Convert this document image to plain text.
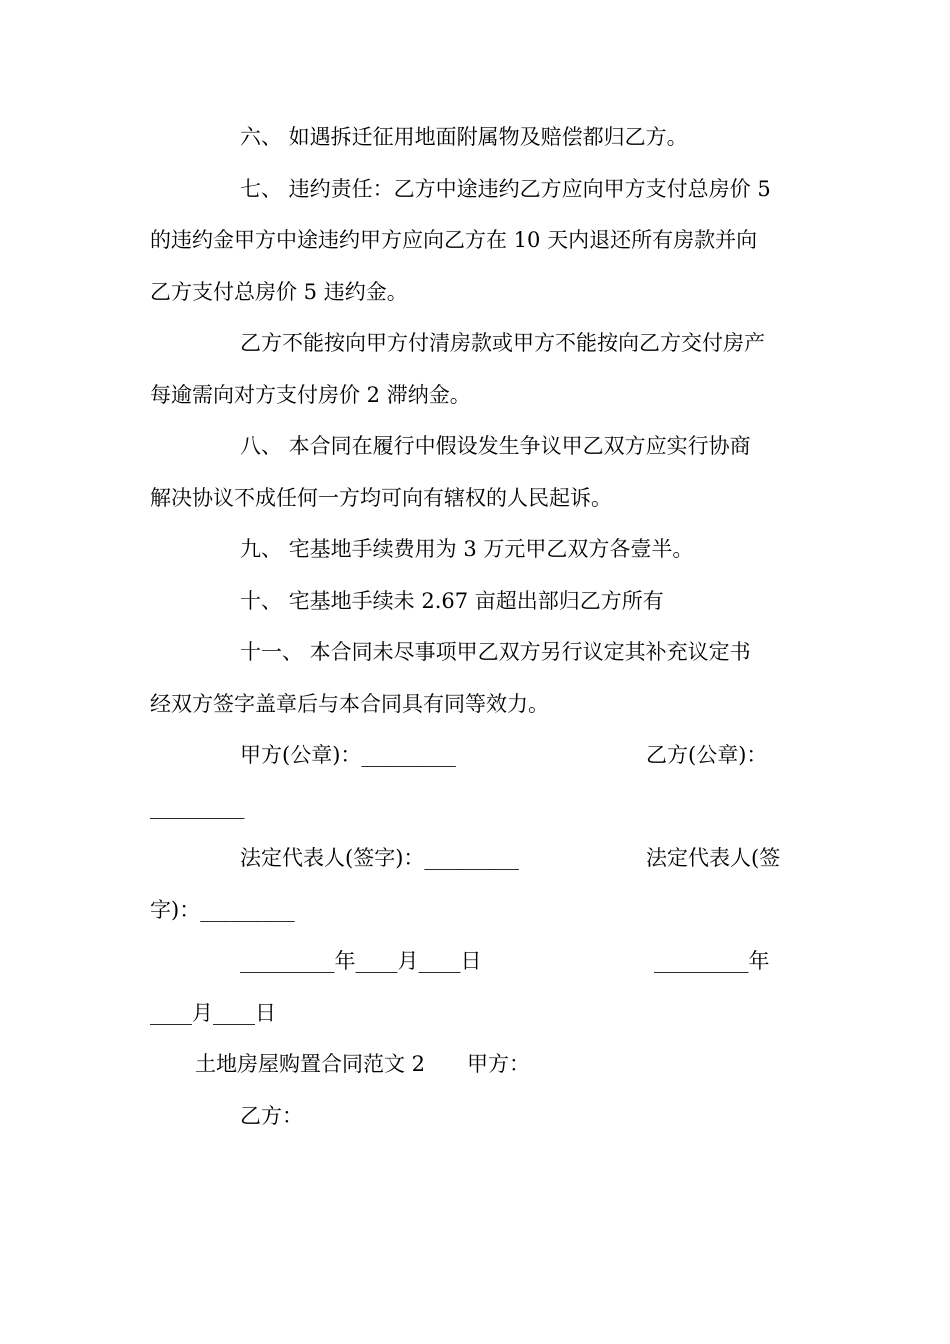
六、 如遇拆迁征用地面附属物及赔偿都归乙方。

七、 违约责任：乙方中途违约乙方应向甲方支付总房价 5

的违约金甲方中途违约甲方应向乙方在 10 天内退还所有房款并向

乙方支付总房价 5 违约金。

乙方不能按向甲方付清房款或甲方不能按向乙方交付房产

每逾需向对方支付房价 2 滞纳金。

八、 本合同在履行中假设发生争议甲乙双方应实行协商

解决协议不成任何一方均可向有辖权的人民起诉。

九、 宅基地手续费用为 3 万元甲乙双方各壹半。

十、 宅基地手续未 2.67 亩超出部归乙方所有

十一、 本合同未尽事项甲乙双方另行议定其补充议定书

经双方签字盖章后与本合同具有同等效力。

甲方(公章)：_________	乙方(公章)：

_________

法定代表人(签字)：_________	法定代表人(签

字)：_________

_________年____月____日	_________年

____月____日

土地房屋购置合同范文 2 甲方：

乙方：
